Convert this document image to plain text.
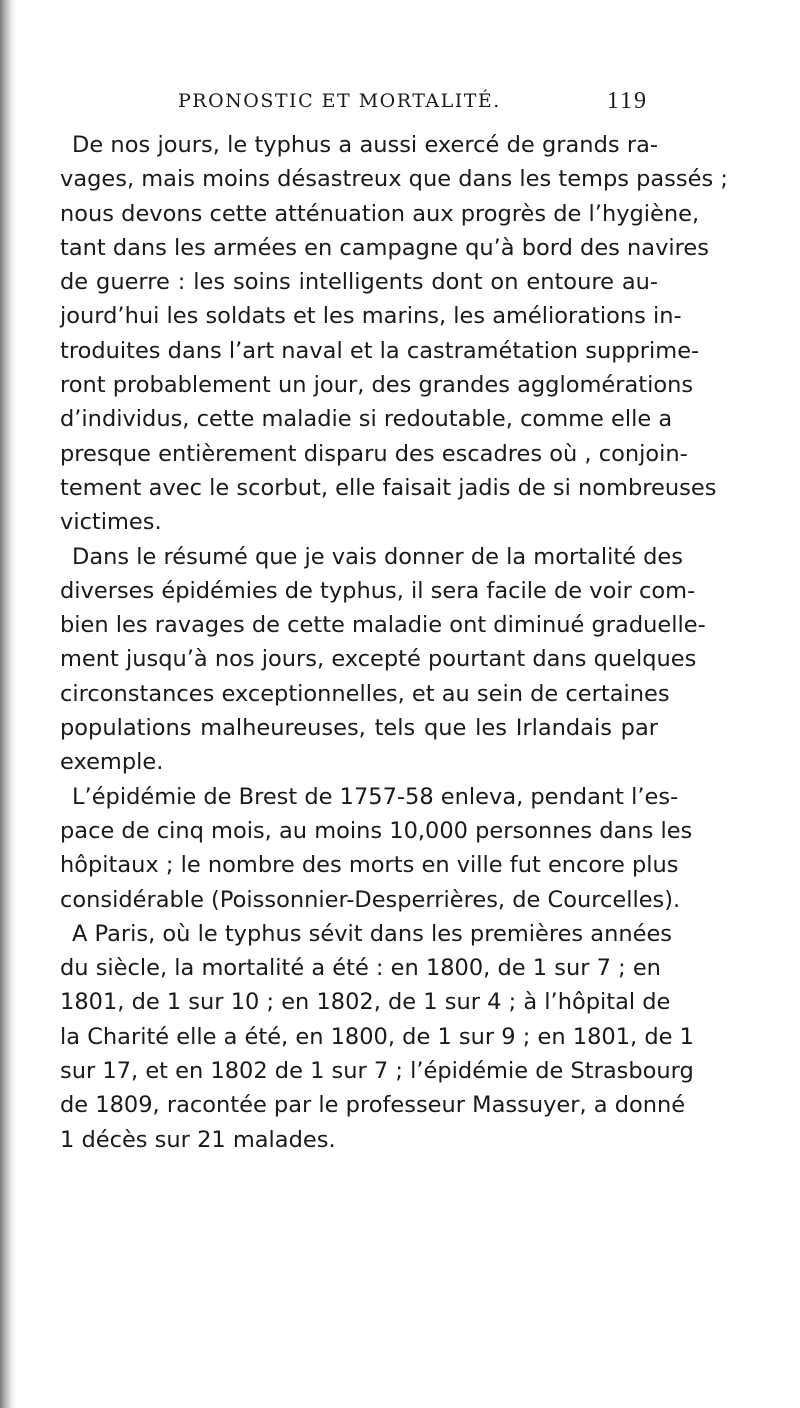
PRONOSTIC ET MORTALITÉ.	119
De nos jours, le typhus a aussi exercé de grands ra-
vages, mais moins désastreux que dans les temps passés ;
nous devons cette atténuation aux progrès de l’hygiène,
tant dans les armées en campagne qu’à bord des navires
de guerre : les soins intelligents dont on entoure au-
jourd’hui les soldats et les marins, les améliorations in-
troduites dans l’art naval et la castramétation supprime-
ront probablement un jour, des grandes agglomérations
d’individus, cette maladie si redoutable, comme elle a
presque entièrement disparu des escadres où , conjoin-
tement avec le scorbut, elle faisait jadis de si nombreuses
victimes.
Dans le résumé que je vais donner de la mortalité des
diverses épidémies de typhus, il sera facile de voir com-
bien les ravages de cette maladie ont diminué graduelle-
ment jusqu’à nos jours, excepté pourtant dans quelques
circonstances exceptionnelles, et au sein de certaines
populations malheureuses, tels que les Irlandais par
exemple.
L’épidémie de Brest de 1757-58 enleva, pendant l’es-
pace de cinq mois, au moins 10,000 personnes dans les
hôpitaux ; le nombre des morts en ville fut encore plus
considérable (Poissonnier-Desperrières, de Courcelles).
A Paris, où le typhus sévit dans les premières années
du siècle, la mortalité a été : en 1800, de 1 sur 7 ; en
1801, de 1 sur 10 ; en 1802, de 1 sur 4 ; à l’hôpital de
la Charité elle a été, en 1800, de 1 sur 9 ; en 1801, de 1
sur 17, et en 1802 de 1 sur 7 ; l’épidémie de Strasbourg
de 1809, racontée par le professeur Massuyer, a donné
1 décès sur 21 malades.
